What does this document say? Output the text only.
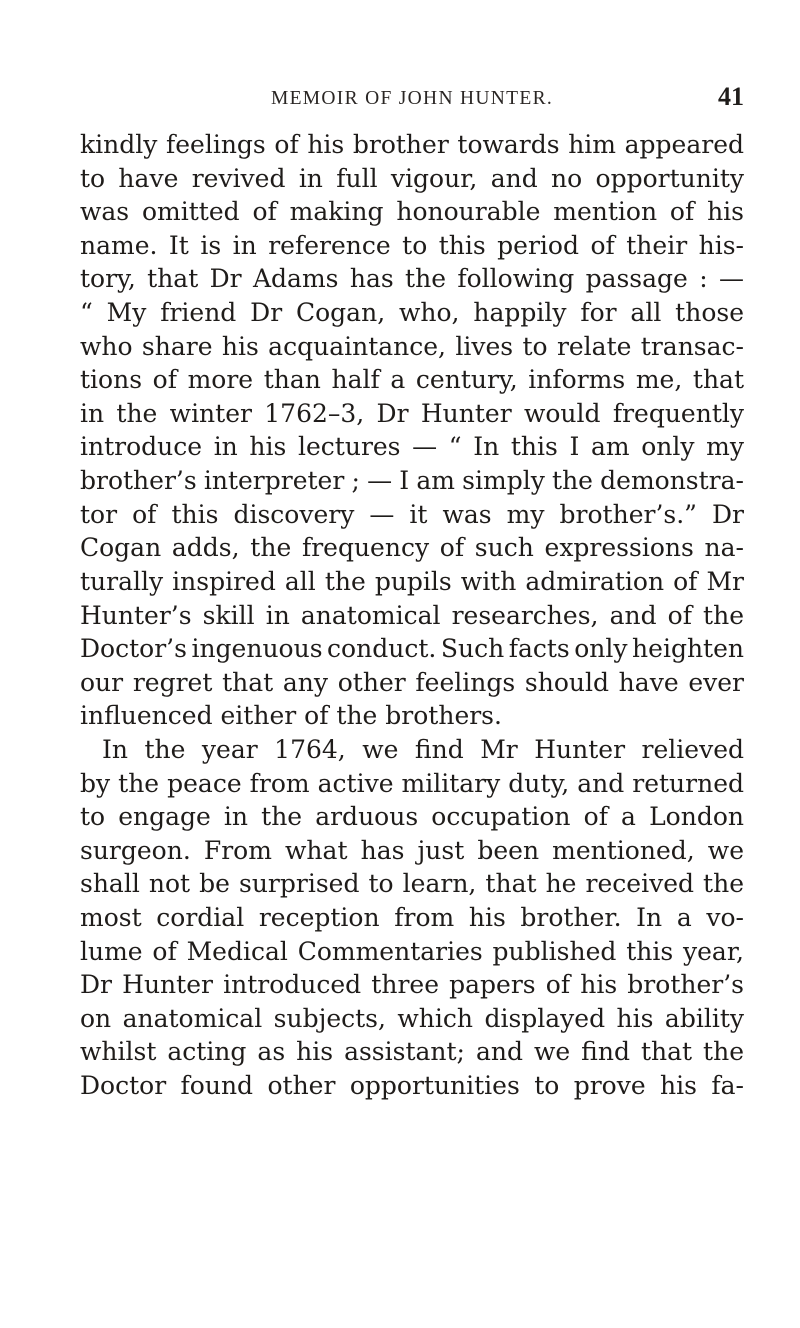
MEMOIR OF JOHN HUNTER.	41
kindly feelings of his brother towards him appeared
to have revived in full vigour, and no opportunity
was omitted of making honourable mention of his
name. It is in reference to this period of their his-
tory, that Dr Adams has the following passage : —
“ My friend Dr Cogan, who, happily for all those
who share his acquaintance, lives to relate transac-
tions of more than half a century, informs me, that
in the winter 1762–3, Dr Hunter would frequently
introduce in his lectures — “ In this I am only my
brother’s interpreter ; — I am simply the demonstra-
tor of this discovery — it was my brother’s.” Dr
Cogan adds, the frequency of such expressions na-
turally inspired all the pupils with admiration of Mr
Hunter’s skill in anatomical researches, and of the
Doctor’s ingenuous conduct. Such facts only heighten
our regret that any other feelings should have ever
influenced either of the brothers.
In the year 1764, we find Mr Hunter relieved
by the peace from active military duty, and returned
to engage in the arduous occupation of a London
surgeon. From what has just been mentioned, we
shall not be surprised to learn, that he received the
most cordial reception from his brother. In a vo-
lume of Medical Commentaries published this year,
Dr Hunter introduced three papers of his brother’s
on anatomical subjects, which displayed his ability
whilst acting as his assistant; and we find that the
Doctor found other opportunities to prove his fa-
